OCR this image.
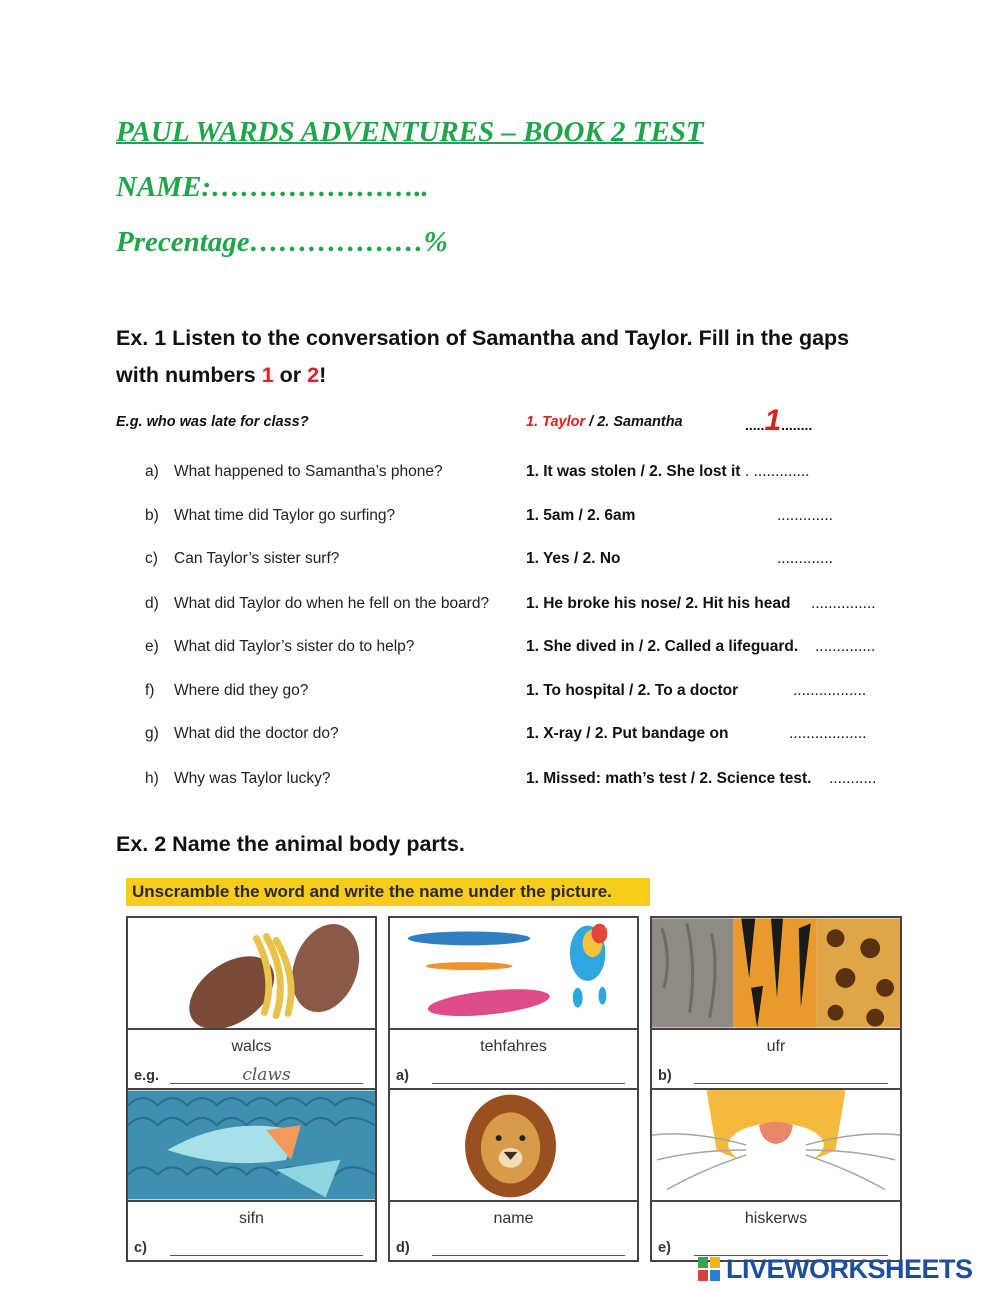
PAUL WARDS ADVENTURES – BOOK 2 TEST
NAME:…………………..
Precentage………………%
Ex. 1 Listen to the conversation of Samantha and Taylor. Fill in the gaps with numbers 1 or 2!
E.g. who was late for class?	1. Taylor / 2. Samantha	.....1........
a) What happened to Samantha’s phone?	1. It was stolen / 2. She lost it . .............
b) What time did Taylor go surfing?	1. 5am / 2. 6am	.............
c) Can Taylor’s sister surf?	1. Yes / 2. No	.............
d) What did Taylor do when he fell on the board? 1. He broke his nose/ 2. Hit his head ...............
e) What did Taylor’s sister do to help?	1. She dived in / 2. Called a lifeguard. ..............
f) Where did they go?	1. To hospital / 2. To a doctor	.................
g) What did the doctor do?	1. X-ray / 2. Put bandage on	..................
h) Why was Taylor lucky?	1. Missed: math’s test / 2. Science test. ...........
Ex. 2 Name the animal body parts.
Unscramble the word and write the name under the picture.
walcs
e.g.	claws
tehfahres
a)
ufr
b)
sifn
c)
name
d)
hiskerws
e)
LIVEWORKSHEETS
